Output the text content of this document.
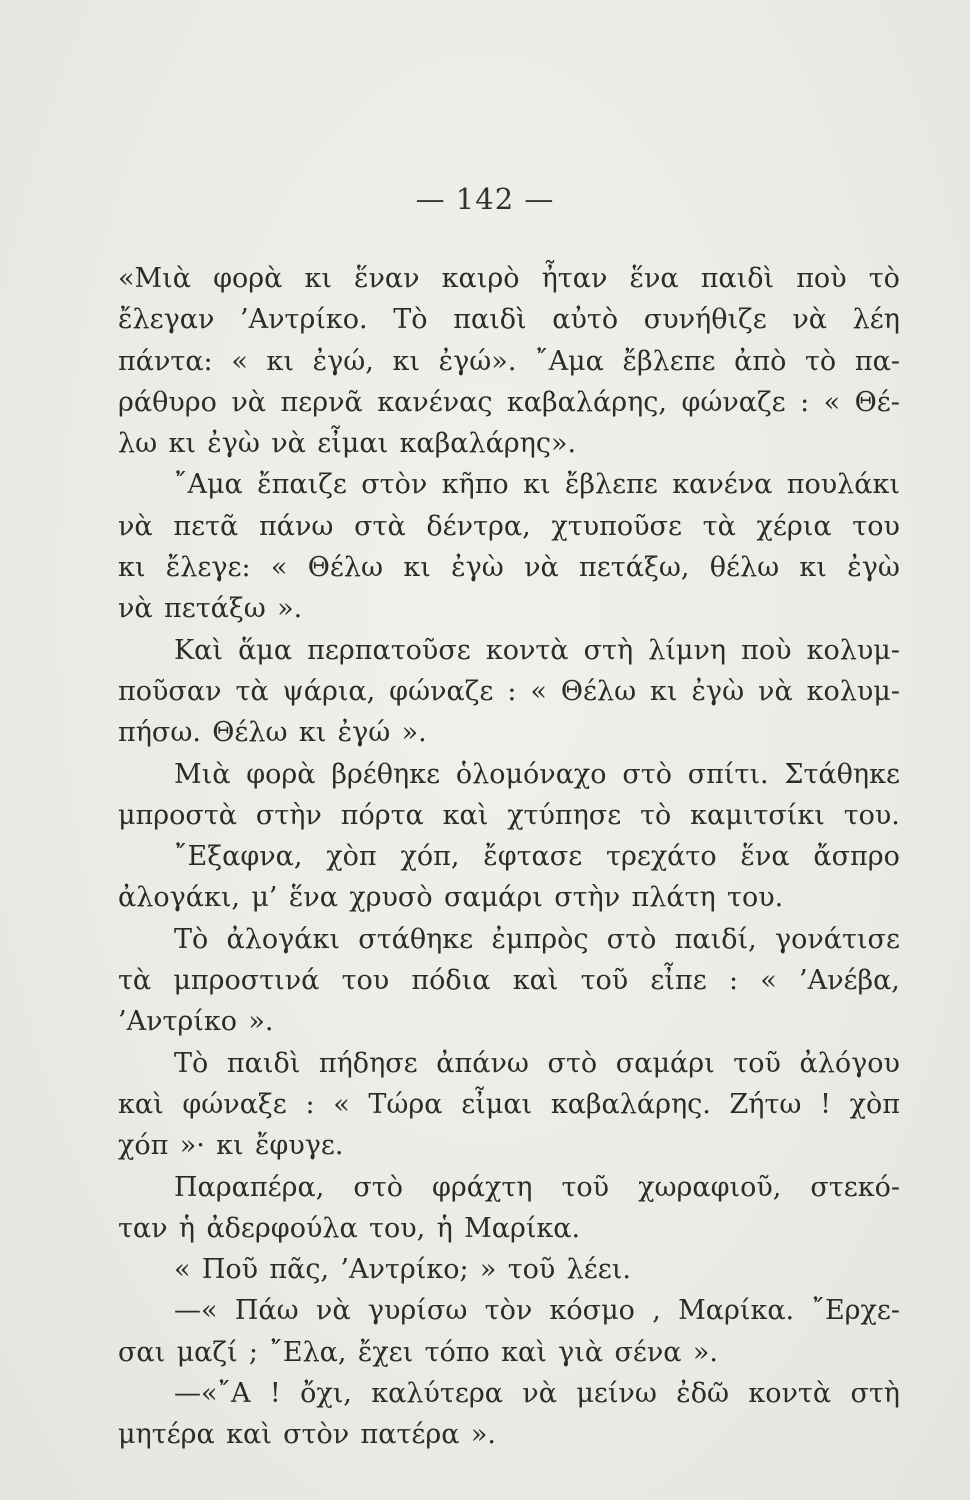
— 142 —
«Μιὰ φορὰ κι ἕναν καιρὸ ἦταν ἕνα παιδὶ ποὺ τὸ
ἔλεγαν ’Αντρίκο. Τὸ παιδὶ αὐτὸ συνήθιζε νὰ λέη
πάντα: « κι ἐγώ, κι ἐγώ». ῎Αμα ἔβλεπε ἀπὸ τὸ πα-
ράθυρο νὰ περνᾶ κανένας καβαλάρης, φώναζε : « Θέ-
λω κι ἐγὼ νὰ εἶμαι καβαλάρης».
῎Αμα ἔπαιζε στὸν κῆπο κι ἔβλεπε κανένα πουλάκι
νὰ πετᾶ πάνω στὰ δέντρα, χτυποῦσε τὰ χέρια του
κι ἔλεγε: « Θέλω κι ἐγὼ νὰ πετάξω, θέλω κι ἐγὼ
νὰ πετάξω ».
Καὶ ἅμα περπατοῦσε κοντὰ στὴ λίμνη ποὺ κολυμ-
ποῦσαν τὰ ψάρια, φώναζε : « Θέλω κι ἐγὼ νὰ κολυμ-
πήσω. Θέλω κι ἐγώ ».
Μιὰ φορὰ βρέθηκε ὁλομόναχο στὸ σπίτι. Στάθηκε
μπροστὰ στὴν πόρτα καὶ χτύπησε τὸ καμιτσίκι του.
῎Εξαφνα, χὸπ χόπ, ἔφτασε τρεχάτο ἕνα ἄσπρο
ἀλογάκι, μ’ ἕνα χρυσὸ σαμάρι στὴν πλάτη του.
Τὸ ἀλογάκι στάθηκε ἐμπρὸς στὸ παιδί, γονάτισε
τὰ μπροστινά του πόδια καὶ τοῦ εἶπε : « ’Ανέβα,
’Αντρίκο ».
Τὸ παιδὶ πήδησε ἀπάνω στὸ σαμάρι τοῦ ἀλόγου
καὶ φώναξε : « Τώρα εἶμαι καβαλάρης. Ζήτω ! χὸπ
χόπ »· κι ἔφυγε.
Παραπέρα, στὸ φράχτη τοῦ χωραφιοῦ, στεκό-
ταν ἡ ἀδερφούλα του, ἡ Μαρίκα.
« Ποῦ πᾶς, ’Αντρίκο; » τοῦ λέει.
—« Πάω νὰ γυρίσω τὸν κόσμο , Μαρίκα. ῎Ερχε-
σαι μαζί ; ῎Ελα, ἔχει τόπο καὶ γιὰ σένα ».
—«῎Α ! ὄχι, καλύτερα νὰ μείνω ἐδῶ κοντὰ στὴ
μητέρα καὶ στὸν πατέρα ».
